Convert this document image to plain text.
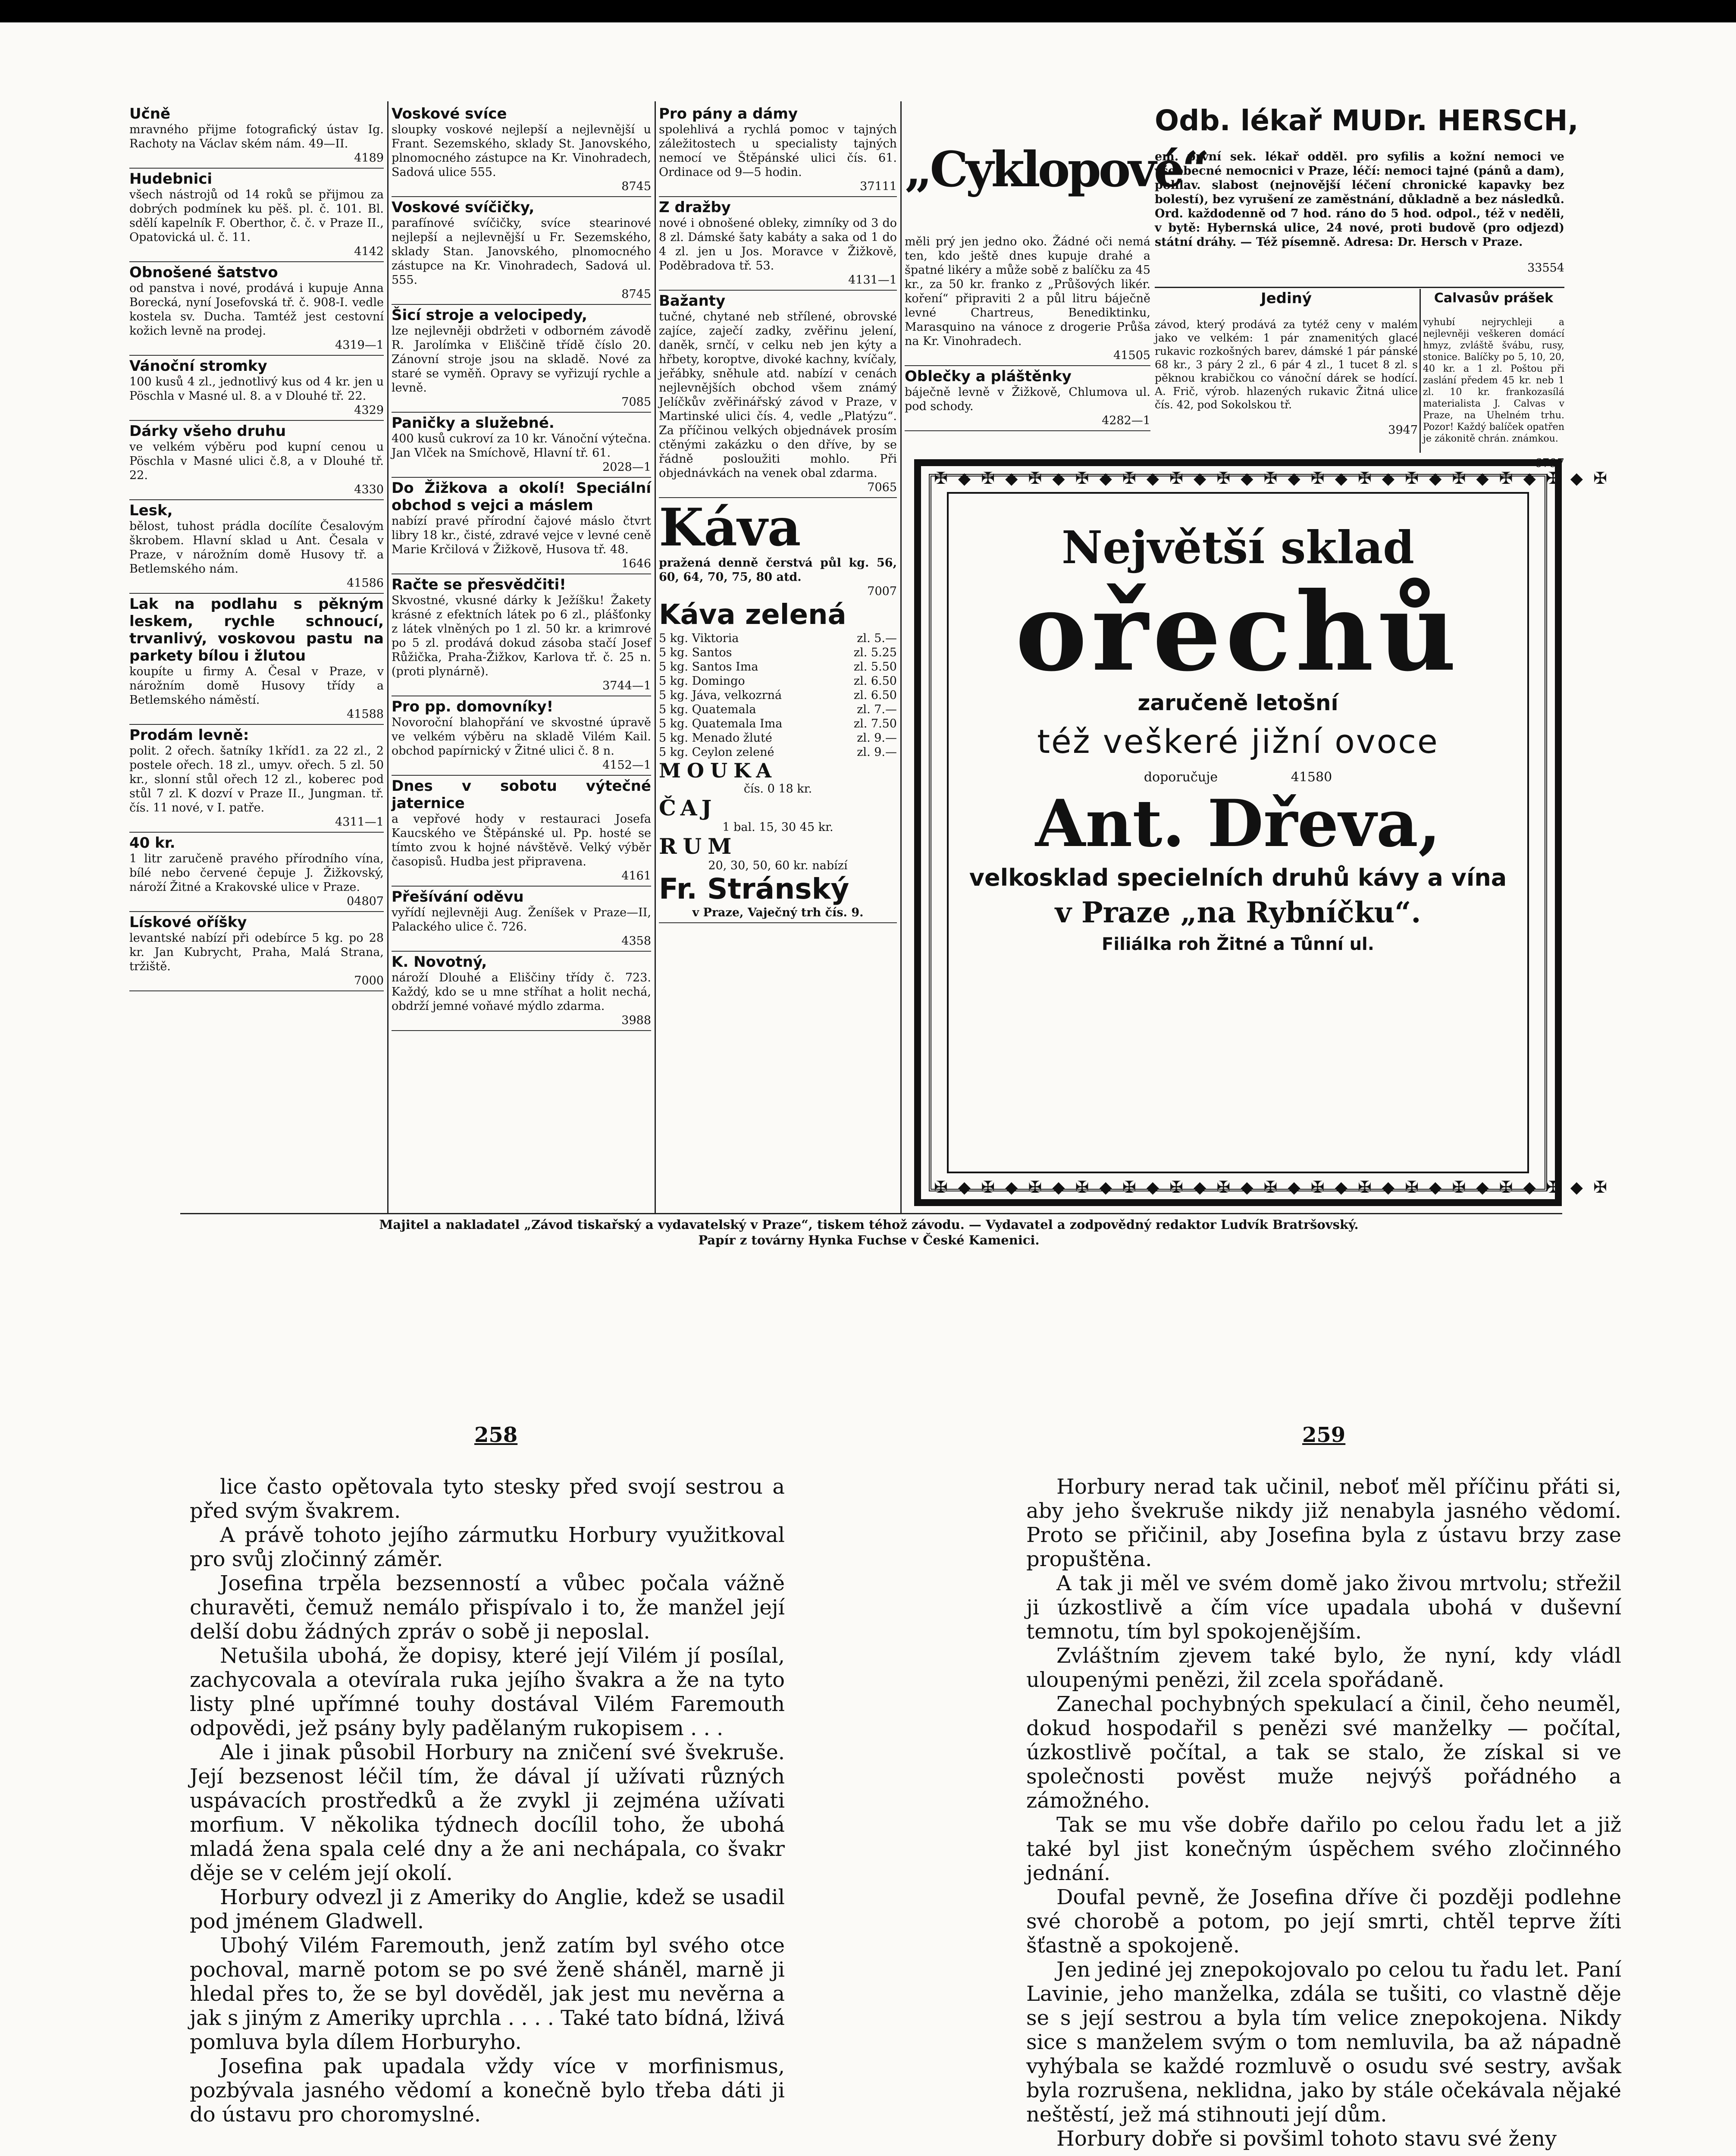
Učně

mravného přijme fotografický ústav Ig. Rachoty na Václav ském nám. 49—II.

4189

Hudebnici

všech nástrojů od 14 roků se přijmou za dobrých podmínek ku pěš. pl. č. 101. Bl. sdělí kapelník F. Oberthor, č. č. v Praze II., Opatovická ul. č. 11.

4142

Obnošené šatstvo

od panstva i nové, prodává i kupuje Anna Borecká, nyní Josefovská tř. č. 908-I. vedle kostela sv. Ducha. Tamtéž jest cestovní kožich levně na prodej.

4319—1

Vánoční stromky

100 kusů 4 zl., jednotlivý kus od 4 kr. jen u Pöschla v Masné ul. 8. a v Dlouhé tř. 22.

4329

Dárky všeho druhu

ve velkém výběru pod kupní cenou u Pöschla v Masné ulici č.8, a v Dlouhé tř. 22.

4330

Lesk,

bělost, tuhost prádla docílíte Česalovým škrobem. Hlavní sklad u Ant. Česala v Praze, v nárožním domě Husovy tř. a Betlemského nám.

41586

Lak na podlahu s pěkným leskem, rychle schnoucí, trvanlivý, voskovou pastu na parkety bílou i žlutou

koupíte u firmy A. Česal v Praze, v nárožním domě Husovy třídy a Betlemského náměstí.

41588

Prodám levně:

polit. 2 ořech. šatníky 1kříd1. za 22 zl., 2 postele ořech. 18 zl., umyv. ořech. 5 zl. 50 kr., slonní stůl ořech 12 zl., koberec pod stůl 7 zl. K dozví v Praze II., Jungman. tř. čís. 11 nové, v I. patře.

4311—1

40 kr.

1 litr zaručeně pravého přírodního vína, bílé nebo červené čepuje J. Žižkovský, nároží Žitné a Krakovské ulice v Praze.

04807

Lískové oříšky

levantské nabízí při odebírce 5 kg. po 28 kr. Jan Kubrycht, Praha, Malá Strana, tržiště.

7000

Voskové svíce

sloupky voskové nejlepší a nejlevnější u Frant. Sezemského, sklady St. Janovského, plnomocného zástupce na Kr. Vinohradech, Sadová ulice 555.

8745

Voskové svíčičky,

parafínové svíčičky, svíce stearinové nejlepší a nejlevnější u Fr. Sezemského, sklady Stan. Janovského, plnomocného zástupce na Kr. Vinohradech, Sadová ul. 555.

8745

Šicí stroje a velocipedy,

lze nejlevněji obdržeti v odborném závodě R. Jarolímka v Eliščině třídě číslo 20. Zánovní stroje jsou na skladě. Nové za staré se vyměň. Opravy se vyřizují rychle a levně.

7085

Paničky a služebné.

400 kusů cukroví za 10 kr. Vánoční výtečna. Jan Vlček na Smíchově, Hlavní tř. 61.

2028—1

Do Žižkova a okolí! Speciální obchod s vejci a máslem

nabízí pravé přírodní čajové máslo čtvrt libry 18 kr., čisté, zdravé vejce v levné ceně Marie Krčilová v Žižkově, Husova tř. 48.

1646

Račte se přesvědčiti!

Skvostné, vkusné dárky k Ježíšku! Žakety krásné z efektních látek po 6 zl., plášťonky z látek vlněných po 1 zl. 50 kr. a krimrové po 5 zl. prodává dokud zásoba stačí Josef Růžička, Praha-Žižkov, Karlova tř. č. 25 n. (proti plynárně).

3744—1

Pro pp. domovníky!

Novoroční blahopřání ve skvostné úpravě ve velkém výběru na skladě Vilém Kail. obchod papírnický v Žitné ulici č. 8 n.

4152—1

Dnes v sobotu výtečné jaternice

a vepřové hody v restauraci Josefa Kaucského ve Štěpánské ul. Pp. hosté se tímto zvou k hojné návštěvě. Velký výběr časopisů. Hudba jest připravena.

4161

Přešívání oděvu

vyřídí nejlevněji Aug. Ženíšek v Praze—II, Palackého ulice č. 726.

4358

K. Novotný,

nároží Dlouhé a Eliščiny třídy č. 723. Každý, kdo se u mne stříhat a holit nechá, obdrží jemné voňavé mýdlo zdarma.

3988

Pro pány a dámy

spolehlivá a rychlá pomoc v tajných záležitostech u specialisty tajných nemocí ve Štěpánské ulici čís. 61. Ordinace od 9—5 hodin.

37111

Z dražby

nové i obnošené obleky, zimníky od 3 do 8 zl. Dámské šaty kabáty a saka od 1 do 4 zl. jen u Jos. Moravce v Žižkově, Poděbradova tř. 53.

4131—1

Bažanty

tučné, chytané neb střílené, obrovské zajíce, zaječí zadky, zvěřinu jelení, daněk, srnčí, v celku neb jen kýty a hřbety, koroptve, divoké kachny, kvíčaly, jeřábky, sněhule atd. nabízí v cenách nejlevnějších obchod všem známý Jelíčkův zvěřinářský závod v Praze, v Martinské ulici čís. 4, vedle „Platýzu“. Za příčinou velkých objednávek prosím ctěnými zakázku o den dříve, by se řádně posloužiti mohlo. Při objednávkách na venek obal zdarma.

7065

Káva

pražená denně čerstvá půl kg. 56, 60, 64, 70, 75, 80 atd.

7007

Káva zelená

5 kg. Viktoria	zl. 5.—
5 kg. Santos	zl. 5.25
5 kg. Santos Ima	zl. 5.50
5 kg. Domingo	zl. 6.50
5 kg. Jáva, velkozrná	zl. 6.50
5 kg. Quatemala	zl. 7.—
5 kg. Quatemala Ima	zl. 7.50
5 kg. Menado žluté	zl. 9.—
5 kg. Ceylon zelené	zl. 9.—

MOUKA

čís. 0 18 kr.

ČAJ

1 bal. 15, 30 45 kr.

RUM

20, 30, 50, 60 kr. nabízí

Fr. Stránský

v Praze, Vaječný trh čís. 9.

„Cyklopové“

měli prý jen jedno oko. Žádné oči nemá ten, kdo ještě dnes kupuje drahé a špatné likéry a může sobě z balíčku za 45 kr., za 50 kr. franko z „Průšových likér. koření“ připraviti 2 a půl litru báječně levné Chartreus, Benediktinku, Marasquino na vánoce z drogerie Průša na Kr. Vinohradech.

41505

Oblečky a pláštěnky

báječně levně v Žižkově, Chlumova ul. pod schody.

4282—1

Odb. lékař MUDr. HERSCH,

em. první sek. lékař odděl. pro syfilis a kožní nemoci ve všeobecné nemocnici v Praze, léčí: nemoci tajné (pánů a dam), pohlav. slabost (nejnovější léčení chronické kapavky bez bolestí), bez vyrušení ze zaměstnání, důkladně a bez následků. Ord. každodenně od 7 hod. ráno do 5 hod. odpol., též v neděli, v bytě: Hybernská ulice, 24 nové, proti budově (pro odjezd) státní dráhy. — Též písemně. Adresa: Dr. Hersch v Praze.

33554

Jediný

závod, který prodává za tytéž ceny v malém jako ve velkém: 1 pár znamenitých glacé rukavic rozkošných barev, dámské 1 pár pánské 68 kr., 3 páry 2 zl., 6 pár 4 zl., 1 tucet 8 zl. s pěknou krabičkou co vánoční dárek se hodící. A. Frič, výrob. hlazených rukavic Žitná ulice čís. 42, pod Sokolskou tř.

3947

Calvasův prášek

vyhubí nejrychleji a nejlevněji veškeren domácí hmyz, zvláště švábu, rusy, stonice. Balíčky po 5, 10, 20, 40 kr. a 1 zl. Poštou při zaslání předem 45 kr. neb 1 zl. 10 kr. frankozasílá materialista J. Calvas v Praze, na Uhelném trhu. Pozor! Každý balíček opatřen je zákonitě chrán. známkou.

6797

✠ ◆ ✠ ◆ ✠ ◆ ✠ ◆ ✠ ◆ ✠ ◆ ✠ ◆ ✠ ◆ ✠ ◆ ✠ ◆ ✠ ◆ ✠ ◆ ✠ ◆ ✠ ◆ ✠
✠ ◆ ✠ ◆ ✠ ◆ ✠ ◆ ✠ ◆ ✠ ◆ ✠ ◆ ✠ ◆ ✠ ◆ ✠ ◆ ✠ ◆ ✠ ◆ ✠ ◆ ✠ ◆ ✠

Největší sklad

ořechů

zaručeně letošní

též veškeré jižní ovoce

doporučuje	41580

Ant. Dřeva,

velkosklad specielních druhů kávy a vína

v Praze „na Rybníčku“.

Filiálka roh Žitné a Tůnní ul.

Majitel a nakladatel „Závod tiskařský a vydavatelský v Praze“, tiskem téhož závodu. — Vydavatel a zodpovědný redaktor Ludvík Bratršovský.
Papír z továrny Hynka Fuchse v České Kamenici.
258	259

lice často opětovala tyto stesky před svojí sestrou a před svým švakrem.

A právě tohoto jejího zármutku Horbury využitkoval pro svůj zločinný záměr.

Josefina trpěla bezsenností a vůbec počala vážně churavěti, čemuž nemálo přispívalo i to, že manžel její delší dobu žádných zpráv o sobě ji neposlal.

Netušila ubohá, že dopisy, které její Vilém jí posílal, zachycovala a otevírala ruka jejího švakra a že na tyto listy plné upřímné touhy dostával Vilém Faremouth odpovědi, jež psány byly padělaným rukopisem . . .

Ale i jinak působil Horbury na zničení své švekruše. Její bezsenost léčil tím, že dával jí užívati různých uspávacích prostředků a že zvykl ji zejména užívati morfium. V několika týdnech docílil toho, že ubohá mladá žena spala celé dny a že ani nechápala, co švakr děje se v celém její okolí.

Horbury odvezl ji z Ameriky do Anglie, kdež se usadil pod jménem Gladwell.

Ubohý Vilém Faremouth, jenž zatím byl svého otce pochoval, marně potom se po své ženě sháněl, marně ji hledal přes to, že se byl dověděl, jak jest mu nevěrna a jak s jiným z Ameriky uprchla . . . . Také tato bídná, lživá pomluva byla dílem Horburyho.

Josefina pak upadala vždy více v morfinismus, pozbývala jasného vědomí a konečně bylo třeba dáti ji do ústavu pro choromyslné.

Horbury nerad tak učinil, neboť měl příčinu přáti si, aby jeho švekruše nikdy již nenabyla jasného vědomí. Proto se přičinil, aby Josefina byla z ústavu brzy zase propuštěna.

A tak ji měl ve svém domě jako živou mrtvolu; střežil ji úzkostlivě a čím více upadala ubohá v duševní temnotu, tím byl spokojenějším.

Zvláštním zjevem také bylo, že nyní, kdy vládl uloupenými penězi, žil zcela spořádaně.

Zanechal pochybných spekulací a činil, čeho neuměl, dokud hospodařil s penězi své manželky — počítal, úzkostlivě počítal, a tak se stalo, že získal si ve společnosti pověst muže nejvýš pořádného a zámožného.

Tak se mu vše dobře dařilo po celou řadu let a již také byl jist konečným úspěchem svého zločinného jednání.

Doufal pevně, že Josefina dříve či později podlehne své chorobě a potom, po její smrti, chtěl teprve žíti šťastně a spokojeně.

Jen jediné jej znepokojovalo po celou tu řadu let. Paní Lavinie, jeho manželka, zdála se tušiti, co vlastně děje se s její sestrou a byla tím velice znepokojena. Nikdy sice s manželem svým o tom nemluvila, ba až nápadně vyhýbala se každé rozmluvě o osudu své sestry, avšak byla rozrušena, neklidna, jako by stále očekávala nějaké neštěstí, jež má stihnouti její dům.

Horbury dobře si povšiml tohoto stavu své ženy
